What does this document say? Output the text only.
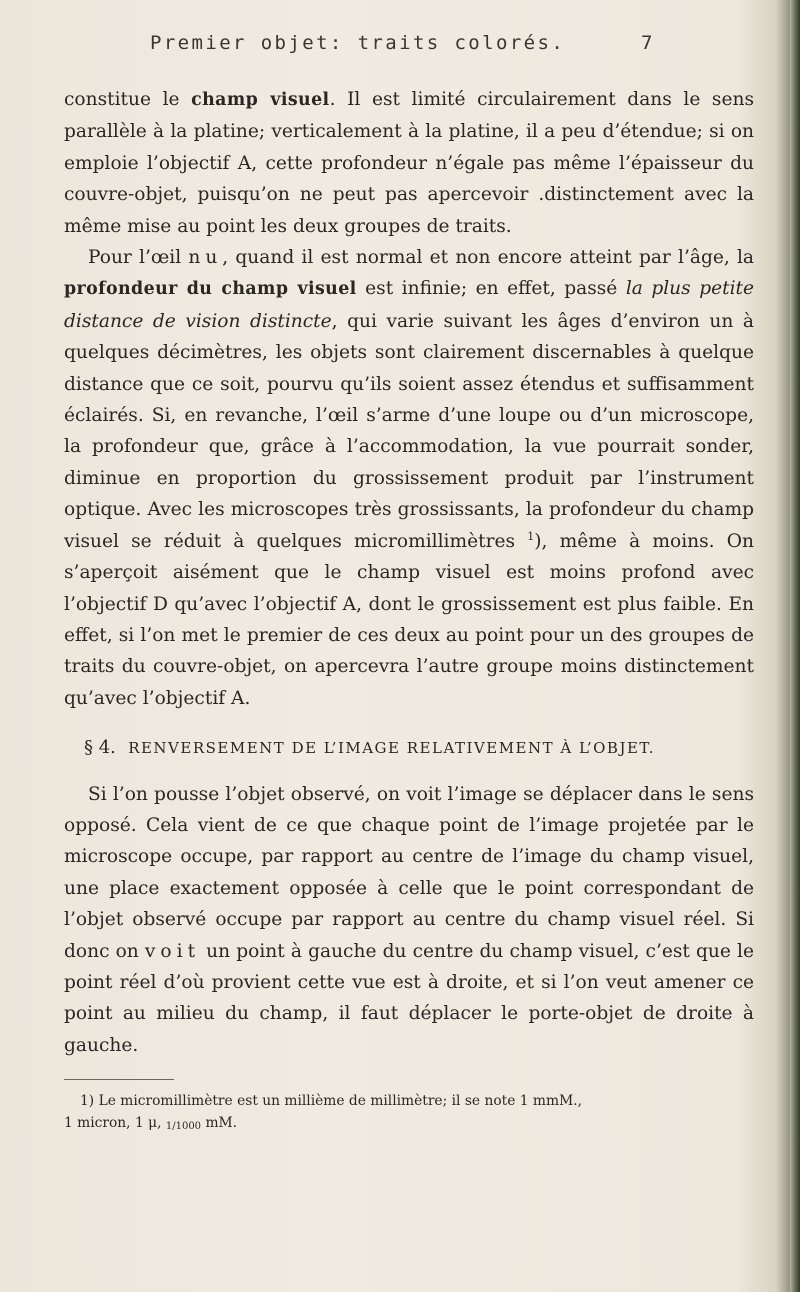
Premier objet: traits colorés.	7

constitue le champ visuel. Il est limité circulairement dans le sens parallèle à la platine; verticalement à la platine, il a peu d’étendue; si on emploie l’objectif A, cette profondeur n’égale pas même l’épaisseur du couvre-objet, puisqu’on ne peut pas apercevoir .distinctement avec la même mise au point les deux groupes de traits.

Pour l’œil nu, quand il est normal et non encore atteint par l’âge, la profondeur du champ visuel est infinie; en effet, passé la plus petite distance de vision distincte, qui varie suivant les âges d’environ un à quelques décimètres, les objets sont clairement discernables à quelque distance que ce soit, pourvu qu’ils soient assez étendus et suffisamment éclairés. Si, en revanche, l’œil s’arme d’une loupe ou d’un microscope, la profondeur que, grâce à l’accommodation, la vue pourrait sonder, diminue en proportion du grossissement produit par l’instrument optique. Avec les microscopes très grossissants, la profondeur du champ visuel se réduit à quelques micromillimètres $^1$), même à moins. On s’aperçoit aisément que le champ visuel est moins profond avec l’objectif D qu’avec l’objectif A, dont le grossissement est plus faible. En effet, si l’on met le premier de ces deux au point pour un des groupes de traits du couvre-objet, on apercevra l’autre groupe moins distinctement qu’avec l’objectif A.

§ 4. RENVERSEMENT DE L’IMAGE RELATIVEMENT À L’OBJET.

Si l’on pousse l’objet observé, on voit l’image se déplacer dans le sens opposé. Cela vient de ce que chaque point de l’image projetée par le microscope occupe, par rapport au centre de l’image du champ visuel, une place exactement opposée à celle que le point correspondant de l’objet observé occupe par rapport au centre du champ visuel réel. Si donc on voit un point à gauche du centre du champ visuel, c’est que le point réel d’où provient cette vue est à droite, et si l’on veut amener ce point au milieu du champ, il faut déplacer le porte-objet de droite à gauche.

1) Le micromillimètre est un millième de millimètre; il se note 1 mmM.,

1 micron, 1 μ, 1/1000 mM.
